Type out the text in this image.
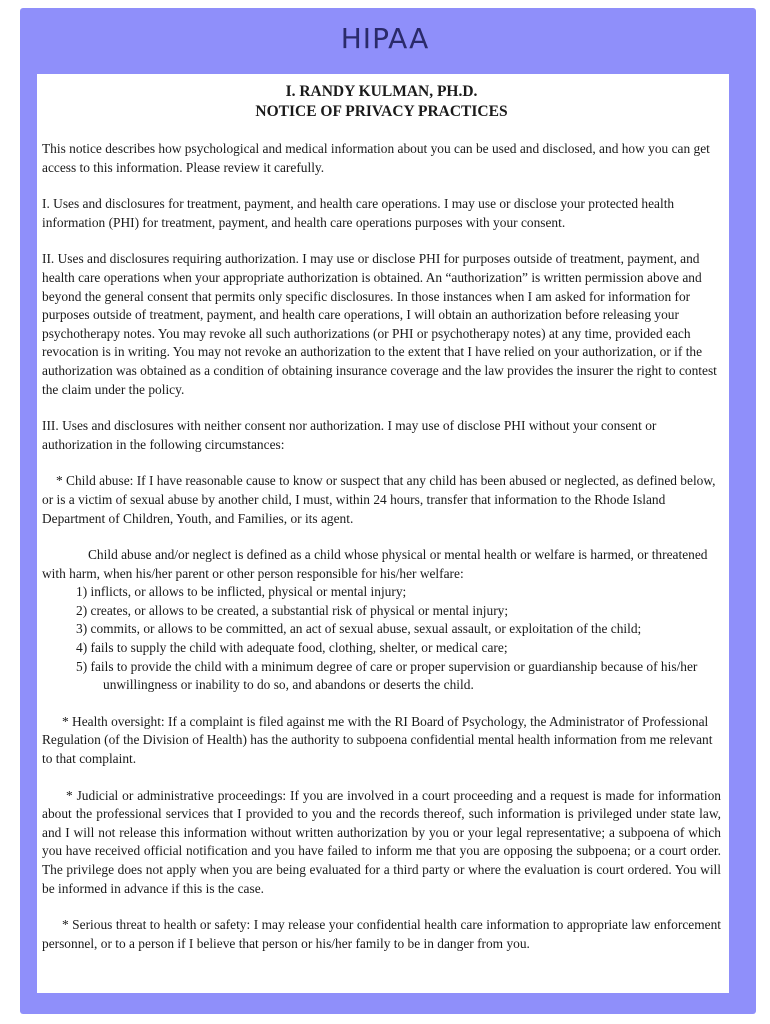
HIPAA
I. RANDY KULMAN, PH.D.
NOTICE OF PRIVACY PRACTICES

This notice describes how psychological and medical information about you can be used and disclosed, and how you can get access to this information. Please review it carefully.

I. Uses and disclosures for treatment, payment, and health care operations. I may use or disclose your protected health information (PHI) for treatment, payment, and health care operations purposes with your consent.

II. Uses and disclosures requiring authorization. I may use or disclose PHI for purposes outside of treatment, payment, and health care operations when your appropriate authorization is obtained. An “authorization” is written permission above and beyond the general consent that permits only specific disclosures. In those instances when I am asked for information for purposes outside of treatment, payment, and health care operations, I will obtain an authorization before releasing your psychotherapy notes. You may revoke all such authorizations (or PHI or psychotherapy notes) at any time, provided each revocation is in writing. You may not revoke an authorization to the extent that I have relied on your authorization, or if the authorization was obtained as a condition of obtaining insurance coverage and the law provides the insurer the right to contest the claim under the policy.

III. Uses and disclosures with neither consent nor authorization. I may use of disclose PHI without your consent or authorization in the following circumstances:

* Child abuse: If I have reasonable cause to know or suspect that any child has been abused or neglected, as defined below, or is a victim of sexual abuse by another child, I must, within 24 hours, transfer that information to the Rhode Island Department of Children, Youth, and Families, or its agent.

Child abuse and/or neglect is defined as a child whose physical or mental health or welfare is harmed, or threatened with harm, when his/her parent or other person responsible for his/her welfare:

1) inflicts, or allows to be inflicted, physical or mental injury;
2) creates, or allows to be created, a substantial risk of physical or mental injury;
3) commits, or allows to be committed, an act of sexual abuse, sexual assault, or exploitation of the child;
4) fails to supply the child with adequate food, clothing, shelter, or medical care;
5) fails to provide the child with a minimum degree of care or proper supervision or guardianship because of his/her unwillingness or inability to do so, and abandons or deserts the child.

* Health oversight: If a complaint is filed against me with the RI Board of Psychology, the Administrator of Professional Regulation (of the Division of Health) has the authority to subpoena confidential mental health information from me relevant to that complaint.

* Judicial or administrative proceedings: If you are involved in a court proceeding and a request is made for information about the professional services that I provided to you and the records thereof, such information is privileged under state law, and I will not release this information without written authorization by you or your legal representative; a subpoena of which you have received official notification and you have failed to inform me that you are opposing the subpoena; or a court order. The privilege does not apply when you are being evaluated for a third party or where the evaluation is court ordered. You will be informed in advance if this is the case.

* Serious threat to health or safety: I may release your confidential health care information to appropriate law enforcement personnel, or to a person if I believe that person or his/her family to be in danger from you.
